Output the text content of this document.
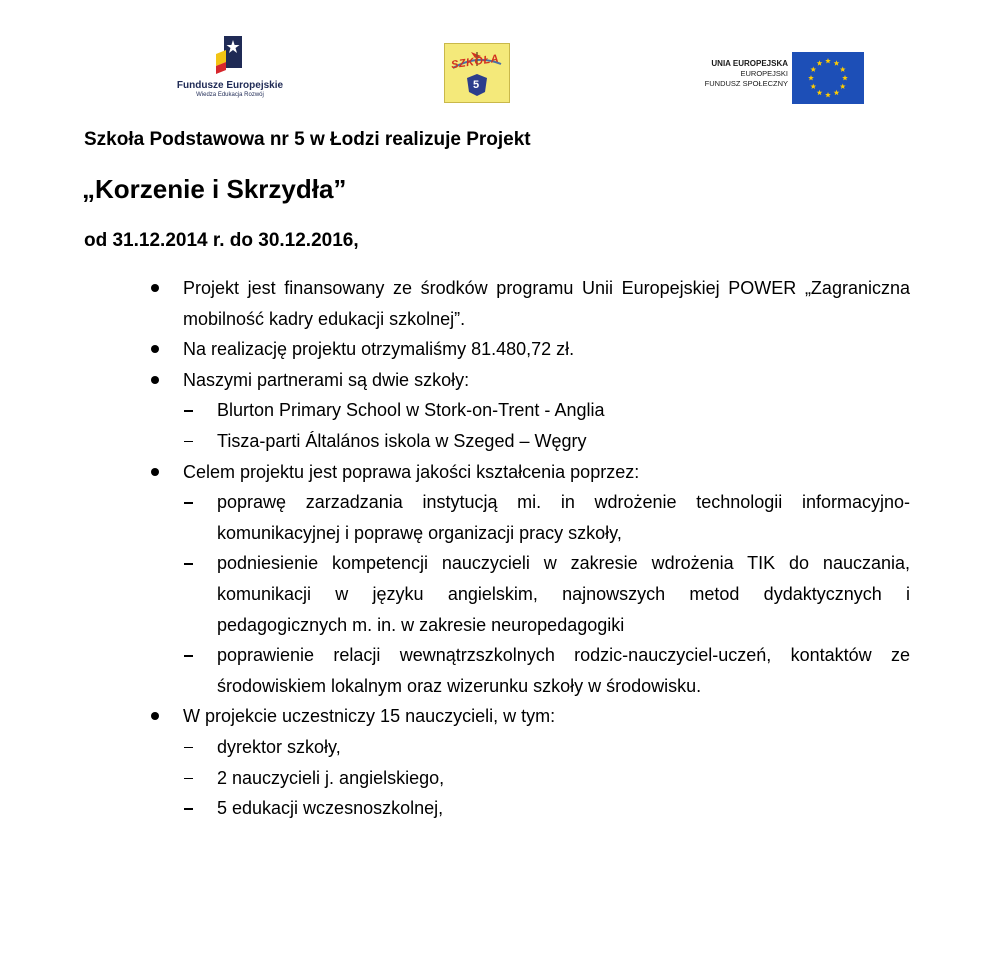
Fundusze Europejskie
Wiedza Edukacja Rozwój
SZKOŁA
5
UNIA EUROPEJSKA
EUROPEJSKI
FUNDUSZ SPOŁECZNY
Szkoła Podstawowa nr 5 w Łodzi realizuje Projekt
„Korzenie i Skrzydła”
od 31.12.2014 r. do 30.12.2016,
Projekt jest finansowany ze środków programu Unii Europejskiej POWER „Zagraniczna mobilność kadry edukacji szkolnej”.
Na realizację projektu otrzymaliśmy 81.480,72 zł.
Naszymi partnerami są dwie szkoły:
Blurton Primary School w Stork-on-Trent - Anglia
Tisza-parti Általános iskola w Szeged – Węgry
Celem projektu jest poprawa jakości kształcenia poprzez:
poprawę zarzadzania instytucją mi. in wdrożenie technologii informacyjno-komunikacyjnej i poprawę organizacji pracy szkoły,
podniesienie kompetencji nauczycieli w zakresie wdrożenia TIK do nauczania, komunikacji w języku angielskim, najnowszych metod dydaktycznych i pedagogicznych m. in. w zakresie neuropedagogiki
poprawienie relacji wewnątrzszkolnych rodzic-nauczyciel-uczeń, kontaktów ze środowiskiem lokalnym oraz wizerunku szkoły w środowisku.
W projekcie uczestniczy 15 nauczycieli, w tym:
dyrektor szkoły,
2 nauczycieli j. angielskiego,
5 edukacji wczesnoszkolnej,
